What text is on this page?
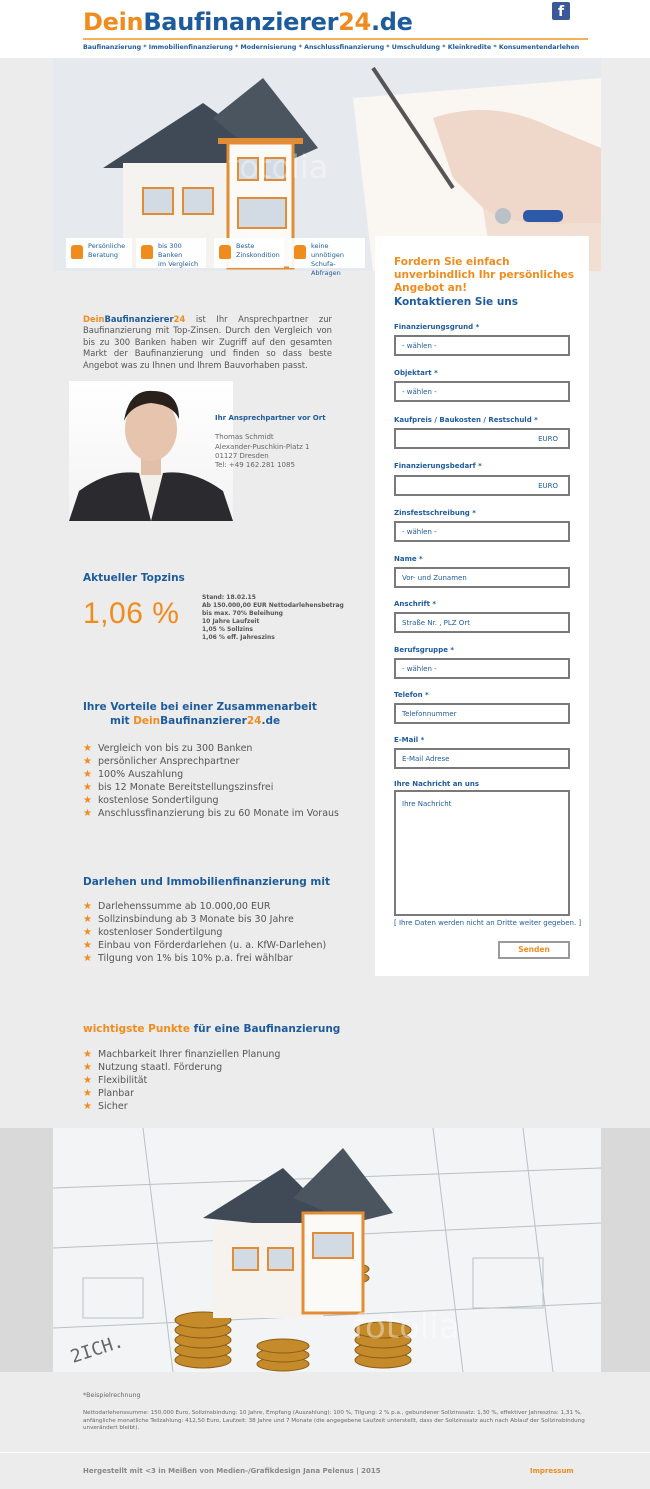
DeinBaufinanzierer24.de	f
Baufinanzierung * Immobilienfinanzierung * Modernisierung * Anschlussfinanzierung * Umschuldung * Kleinkredite * Konsumentendarlehen
fotolia
Persönliche
Beratung
bis 300 Banken
im Vergleich
Beste
Zinskondition
keine unnötigen
Schufa-Abfragen
DeinBaufinanzierer24 ist Ihr Ansprechpartner zur Baufinanzierung mit Top-Zinsen. Durch den Vergleich von bis zu 300 Banken haben wir Zugriff auf den gesamten Markt der Baufinanzierung und finden so dass beste Angebot was zu Ihnen und Ihrem Bauvorhaben passt.
Ihr Ansprechpartner vor Ort
Thomas Schmidt
Alexander-Puschkin-Platz 1
01127 Dresden
Tel: +49 162.281 1085
Aktueller Topzins
1,06 %	Stand: 18.02.15
Ab 150.000,00 EUR Nettodarlehensbetrag
bis max. 70% Beleihung
10 Jahre Laufzeit
1,05 % Sollzins
1,06 % eff. Jahreszins
Ihre Vorteile bei einer Zusammenarbeit
mit DeinBaufinanzierer24.de
★ Vergleich von bis zu 300 Banken
★ persönlicher Ansprechpartner
★ 100% Auszahlung
★ bis 12 Monate Bereitstellungszinsfrei
★ kostenlose Sondertilgung
★ Anschlussfinanzierung bis zu 60 Monate im Voraus
Darlehen und Immobilienfinanzierung mit
★ Darlehenssumme ab 10.000,00 EUR
★ Sollzinsbindung ab 3 Monate bis 30 Jahre
★ kostenloser Sondertilgung
★ Einbau von Förderdarlehen (u. a. KfW-Darlehen)
★ Tilgung von 1% bis 10% p.a. frei wählbar
wichtigste Punkte für eine Baufinanzierung
★ Machbarkeit Ihrer finanziellen Planung
★ Nutzung staatl. Förderung
★ Flexibilität
★ Planbar
★ Sicher
Fordern Sie einfach unverbindlich Ihr persönliches Angebot an!
Kontaktieren Sie uns
Finanzierungsgrund *
- wählen -
Objektart *
- wählen -
Kaufpreis / Baukosten / Restschuld *
EURO
Finanzierungsbedarf *
EURO
Zinsfestschreibung *
- wählen -
Name *
Vor- und Zunamen
Anschrift *
Straße Nr. , PLZ Ort
Berufsgruppe *
- wählen -
Telefon *
Telefonnummer
E-Mail *
E-Mail Adrese
Ihre Nachricht an uns
Ihre Nachricht
[ Ihre Daten werden nicht an Dritte weiter gegeben. ]
Senden
2ICH.
fotolia
*Beispielrechnung
Nettodarlehenssumme: 150.000 Euro, Sollzinsbindung: 10 Jahre, Empfang (Auszahlung): 100 %, Tilgung: 2 % p.a., gebundener Sollzinssatz: 1,30 %, effektiver Jahreszins: 1,31 %, anfängliche monatliche Teilzahlung: 412,50 Euro, Laufzeit: 38 Jahre und 7 Monate (die angegebene Laufzeit unterstellt, dass der Sollzinssatz auch nach Ablauf der Sollzinsbindung unverändert bleibt).
Hergestellt mit <3 in Meißen von Medien-/Grafikdesign Jana Pelenus | 2015	Impressum
